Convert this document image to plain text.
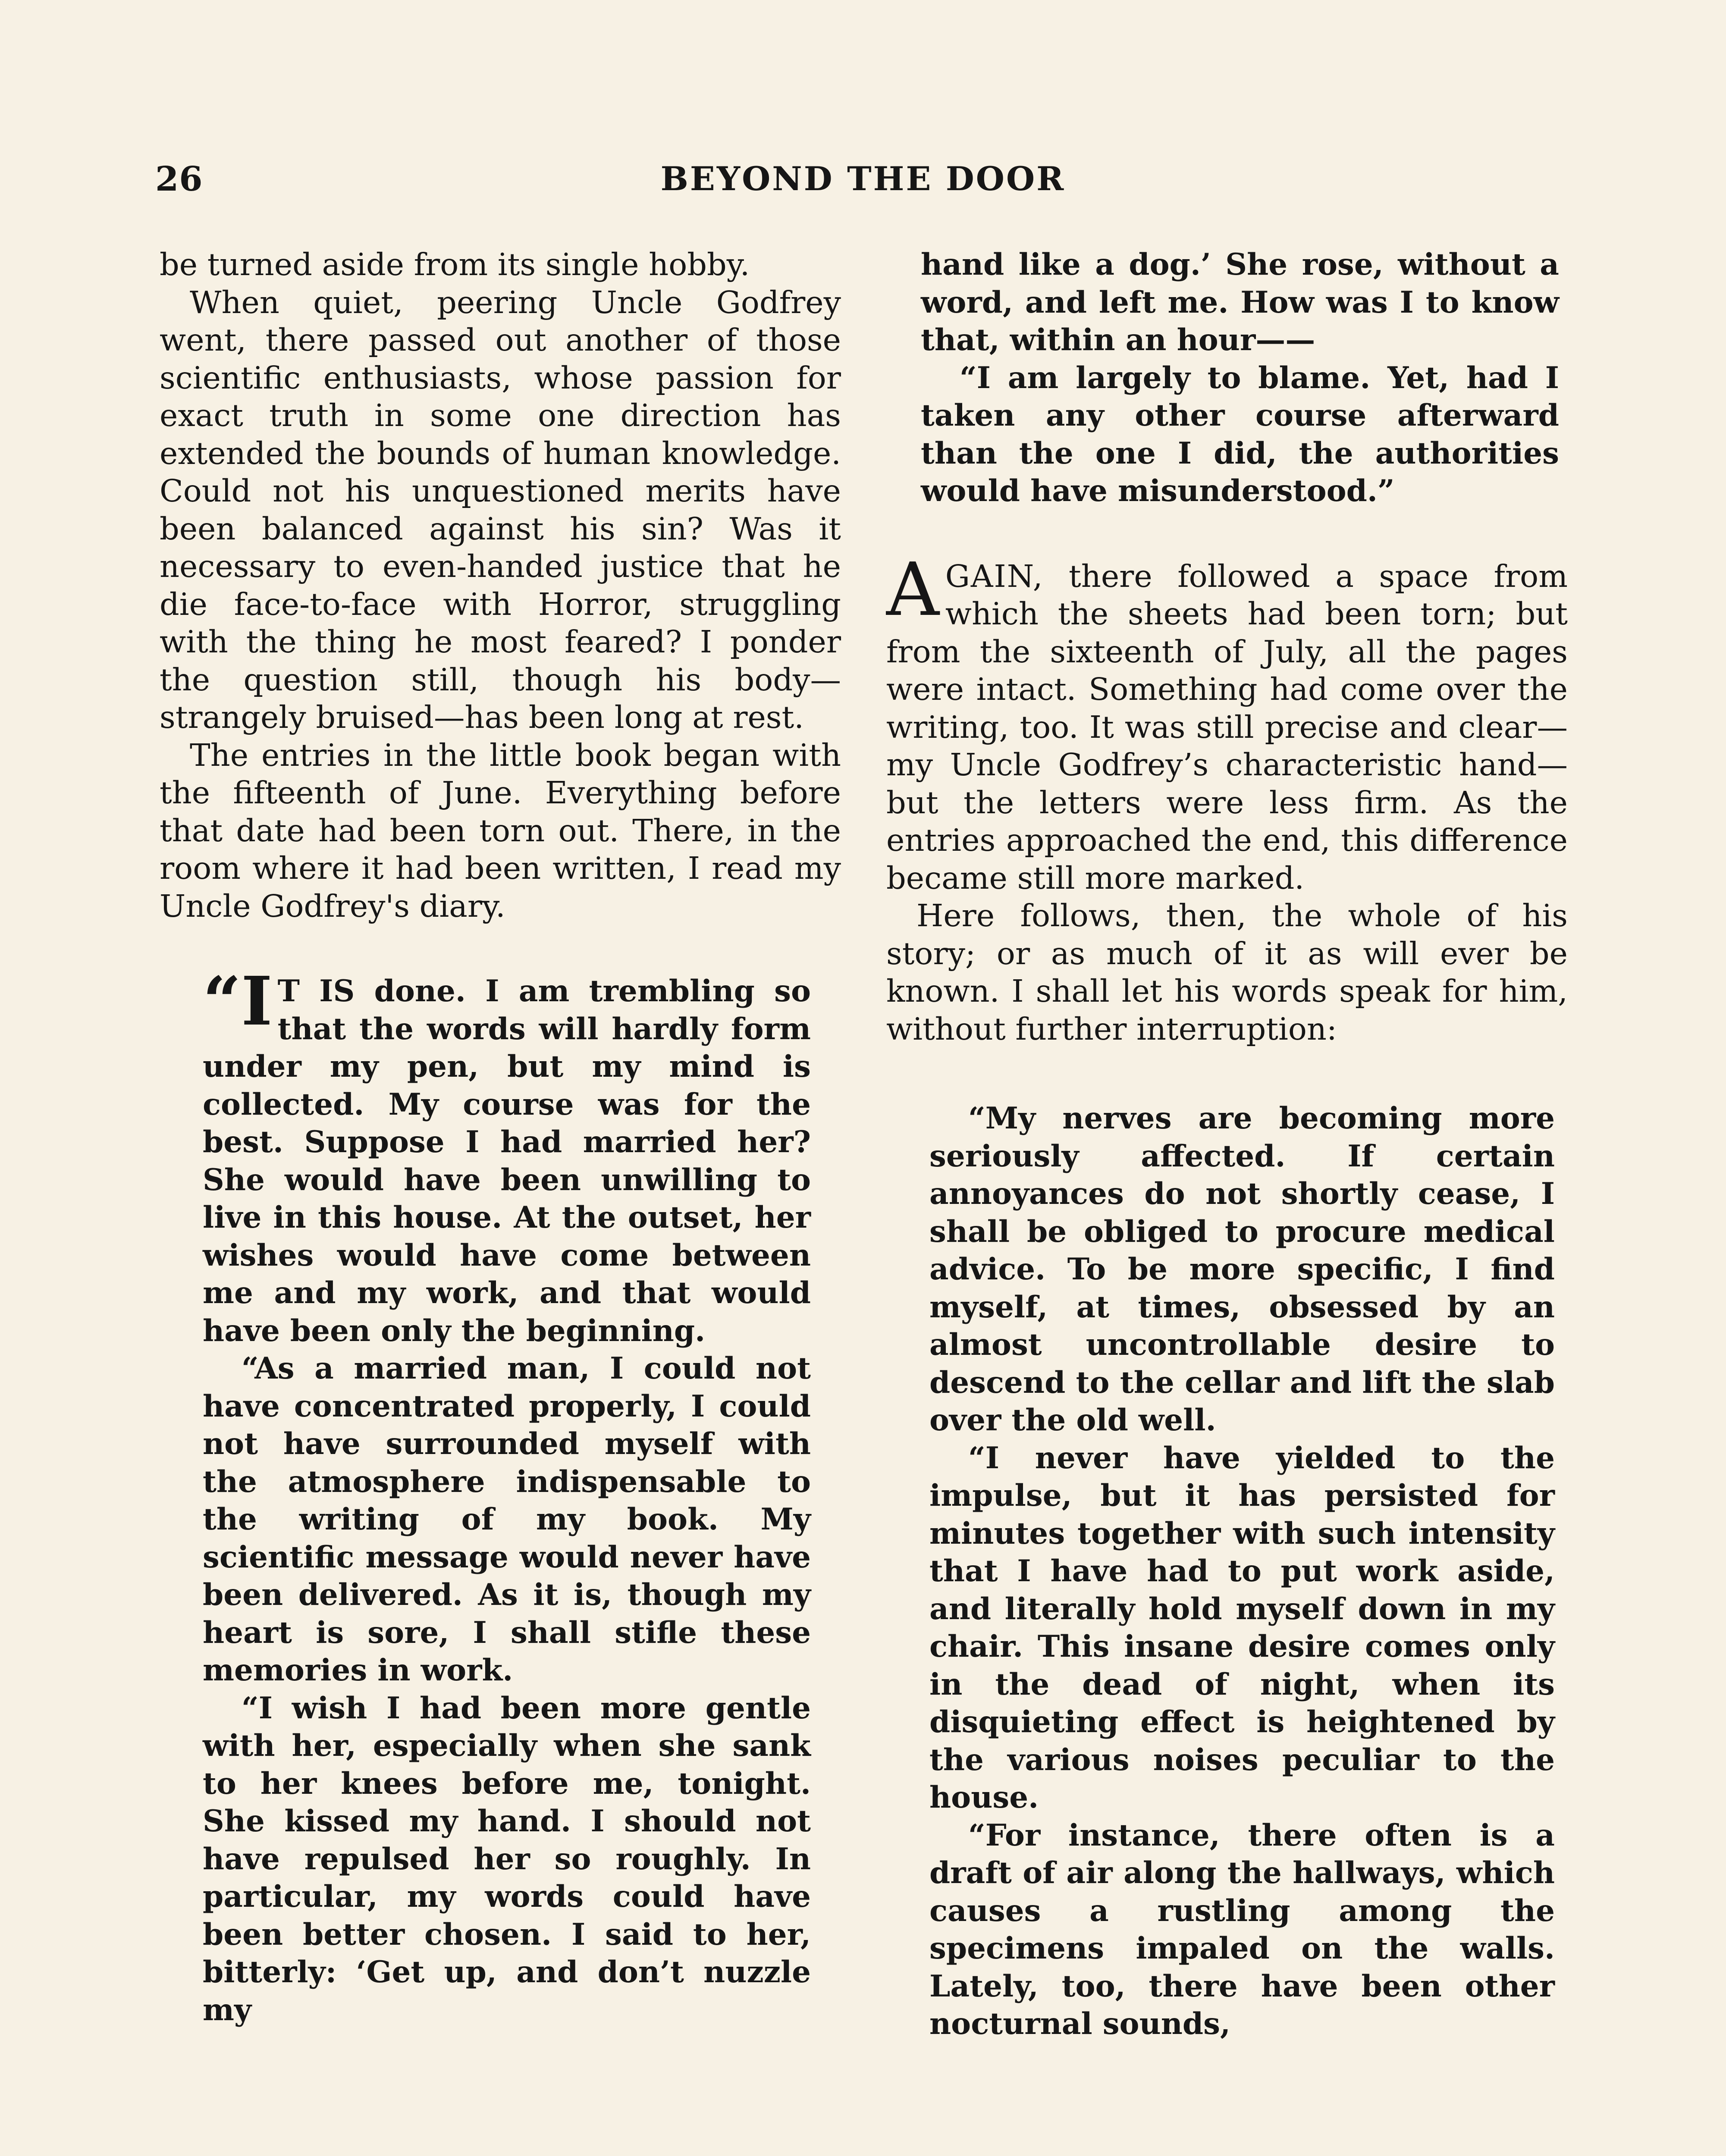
26	BEYOND THE DOOR

be turned aside from its single hobby.

When quiet, peering Uncle Godfrey went, there passed out another of those scientific enthusiasts, whose passion for exact truth in some one direction has extended the bounds of human knowledge. Could not his unquestioned merits have been balanced against his sin? Was it necessary to even-handed justice that he die face-to-face with Horror, struggling with the thing he most feared? I ponder the question still, though his body—strangely bruised—has been long at rest.

The entries in the little book began with the fifteenth of June. Everything before that date had been torn out. There, in the room where it had been written, I read my Uncle Godfrey's diary.

“I T IS done. I am trembling so that the words will hardly form under my pen, but my mind is collected. My course was for the best. Suppose I had married her? She would have been unwilling to live in this house. At the outset, her wishes would have come between me and my work, and that would have been only the beginning.

“As a married man, I could not have concentrated properly, I could not have surrounded myself with the atmosphere indispensable to the writing of my book. My scientific message would never have been delivered. As it is, though my heart is sore, I shall stifle these memories in work.

“I wish I had been more gentle with her, especially when she sank to her knees before me, tonight. She kissed my hand. I should not have repulsed her so roughly. In particular, my words could have been better chosen. I said to her, bitterly: ‘Get up, and don’t nuzzle my

hand like a dog.’ She rose, without a word, and left me. How was I to know that, within an hour——

“I am largely to blame. Yet, had I taken any other course afterward than the one I did, the authorities would have misunderstood.”

AGAIN, there followed a space from which the sheets had been torn; but from the sixteenth of July, all the pages were intact. Something had come over the writing, too. It was still precise and clear—my Uncle Godfrey’s characteristic hand—but the letters were less firm. As the entries approached the end, this difference became still more marked.

Here follows, then, the whole of his story; or as much of it as will ever be known. I shall let his words speak for him, without further interruption:

“My nerves are becoming more seriously affected. If certain annoyances do not shortly cease, I shall be obliged to procure medical advice. To be more specific, I find myself, at times, obsessed by an almost uncontrollable desire to descend to the cellar and lift the slab over the old well.

“I never have yielded to the impulse, but it has persisted for minutes together with such intensity that I have had to put work aside, and literally hold myself down in my chair. This insane desire comes only in the dead of night, when its disquieting effect is heightened by the various noises peculiar to the house.

“For instance, there often is a draft of air along the hallways, which causes a rustling among the specimens impaled on the walls. Lately, too, there have been other nocturnal sounds,
